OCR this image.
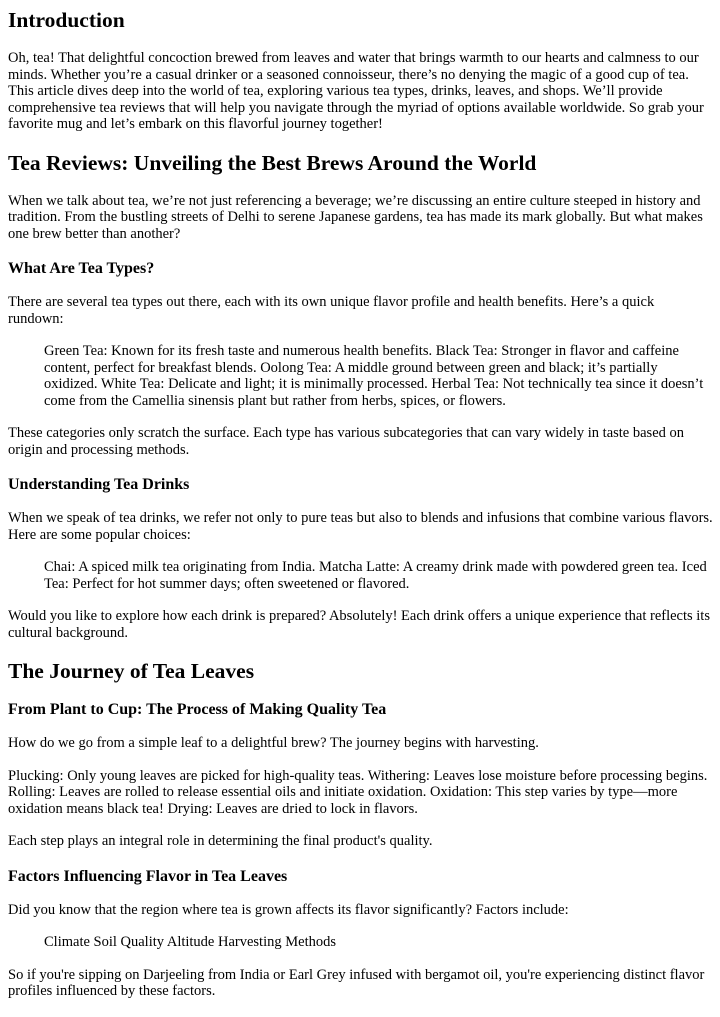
Introduction

Oh, tea! That delightful concoction brewed from leaves and water that brings warmth to our hearts and calmness to our minds. Whether you’re a casual drinker or a seasoned connoisseur, there’s no denying the magic of a good cup of tea. This article dives deep into the world of tea, exploring various tea types, drinks, leaves, and shops. We’ll provide comprehensive tea reviews that will help you navigate through the myriad of options available worldwide. So grab your favorite mug and let’s embark on this flavorful journey together!

Tea Reviews: Unveiling the Best Brews Around the World

When we talk about tea, we’re not just referencing a beverage; we’re discussing an entire culture steeped in history and tradition. From the bustling streets of Delhi to serene Japanese gardens, tea has made its mark globally. But what makes one brew better than another?

What Are Tea Types?

There are several tea types out there, each with its own unique flavor profile and health benefits. Here’s a quick rundown:

Green Tea: Known for its fresh taste and numerous health benefits. Black Tea: Stronger in flavor and caffeine content, perfect for breakfast blends. Oolong Tea: A middle ground between green and black; it’s partially oxidized. White Tea: Delicate and light; it is minimally processed. Herbal Tea: Not technically tea since it doesn’t come from the Camellia sinensis plant but rather from herbs, spices, or flowers.

These categories only scratch the surface. Each type has various subcategories that can vary widely in taste based on origin and processing methods.

Understanding Tea Drinks

When we speak of tea drinks, we refer not only to pure teas but also to blends and infusions that combine various flavors. Here are some popular choices:

Chai: A spiced milk tea originating from India. Matcha Latte: A creamy drink made with powdered green tea. Iced Tea: Perfect for hot summer days; often sweetened or flavored.

Would you like to explore how each drink is prepared? Absolutely! Each drink offers a unique experience that reflects its cultural background.

The Journey of Tea Leaves
From Plant to Cup: The Process of Making Quality Tea

How do we go from a simple leaf to a delightful brew? The journey begins with harvesting.

Plucking: Only young leaves are picked for high-quality teas. Withering: Leaves lose moisture before processing begins. Rolling: Leaves are rolled to release essential oils and initiate oxidation. Oxidation: This step varies by type—more oxidation means black tea! Drying: Leaves are dried to lock in flavors.

Each step plays an integral role in determining the final product's quality.

Factors Influencing Flavor in Tea Leaves

Did you know that the region where tea is grown affects its flavor significantly? Factors include:

Climate Soil Quality Altitude Harvesting Methods

So if you're sipping on Darjeeling from India or Earl Grey infused with bergamot oil, you're experiencing distinct flavor profiles influenced by these factors.
